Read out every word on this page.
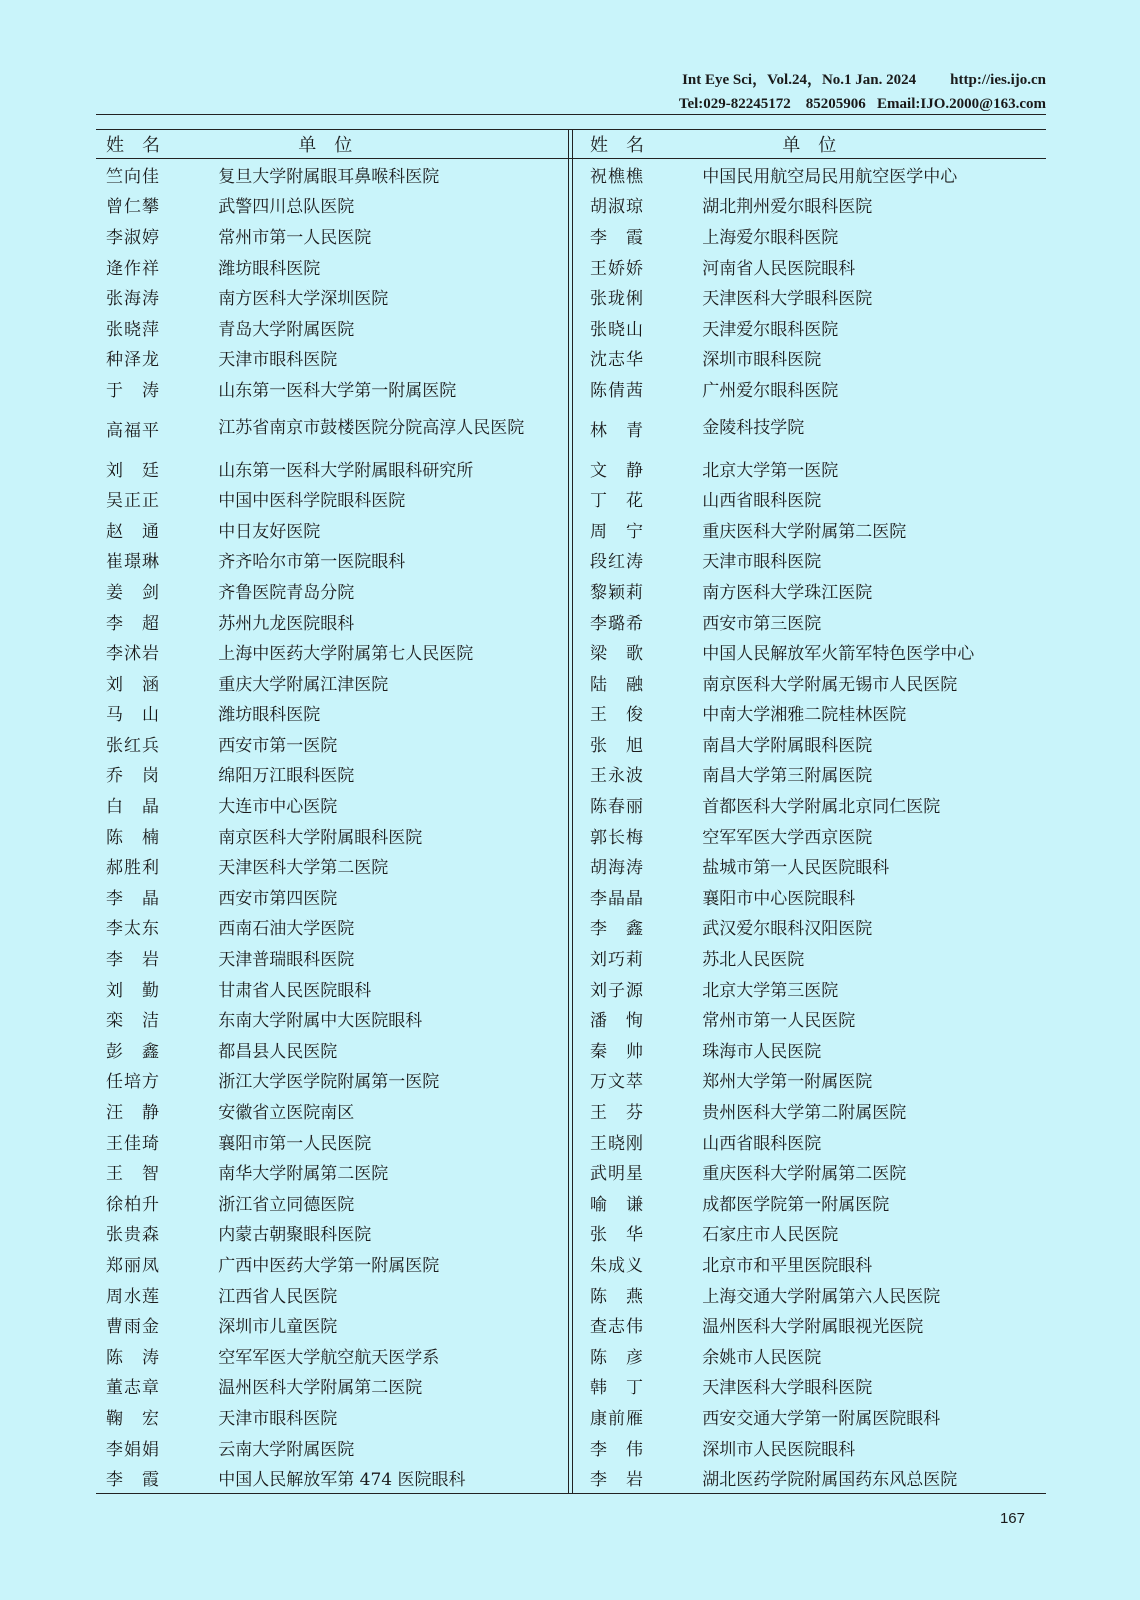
Int Eye Sci，Vol.24，No.1 Jan. 2024 http://ies.ijo.cn
Tel:029-82245172　85205906 Email:IJO.2000@163.com
姓　名	单　位		姓　名	单　位
竺向佳	复旦大学附属眼耳鼻喉科医院		祝樵樵	中国民用航空局民用航空医学中心
曾仁攀	武警四川总队医院		胡淑琼	湖北荆州爱尔眼科医院
李淑婷	常州市第一人民医院		李　霞	上海爱尔眼科医院
逄作祥	潍坊眼科医院		王娇娇	河南省人民医院眼科
张海涛	南方医科大学深圳医院		张珑俐	天津医科大学眼科医院
张晓萍	青岛大学附属医院		张晓山	天津爱尔眼科医院
种泽龙	天津市眼科医院		沈志华	深圳市眼科医院
于　涛	山东第一医科大学第一附属医院		陈倩茜	广州爱尔眼科医院
高福平	江苏省南京市鼓楼医院分院高淳人民医院		林　青	金陵科技学院
刘　廷	山东第一医科大学附属眼科研究所		文　静	北京大学第一医院
吴正正	中国中医科学院眼科医院		丁　花	山西省眼科医院
赵　通	中日友好医院		周　宁	重庆医科大学附属第二医院
崔璟琳	齐齐哈尔市第一医院眼科		段红涛	天津市眼科医院
姜　剑	齐鲁医院青岛分院		黎颖莉	南方医科大学珠江医院
李　超	苏州九龙医院眼科		李璐希	西安市第三医院
李沭岩	上海中医药大学附属第七人民医院		梁　歌	中国人民解放军火箭军特色医学中心
刘　涵	重庆大学附属江津医院		陆　融	南京医科大学附属无锡市人民医院
马　山	潍坊眼科医院		王　俊	中南大学湘雅二院桂林医院
张红兵	西安市第一医院		张　旭	南昌大学附属眼科医院
乔　岗	绵阳万江眼科医院		王永波	南昌大学第三附属医院
白　晶	大连市中心医院		陈春丽	首都医科大学附属北京同仁医院
陈　楠	南京医科大学附属眼科医院		郭长梅	空军军医大学西京医院
郝胜利	天津医科大学第二医院		胡海涛	盐城市第一人民医院眼科
李　晶	西安市第四医院		李晶晶	襄阳市中心医院眼科
李太东	西南石油大学医院		李　鑫	武汉爱尔眼科汉阳医院
李　岩	天津普瑞眼科医院		刘巧莉	苏北人民医院
刘　勤	甘肃省人民医院眼科		刘子源	北京大学第三医院
栾　洁	东南大学附属中大医院眼科		潘　恂	常州市第一人民医院
彭　鑫	都昌县人民医院		秦　帅	珠海市人民医院
任培方	浙江大学医学院附属第一医院		万文萃	郑州大学第一附属医院
汪　静	安徽省立医院南区		王　芬	贵州医科大学第二附属医院
王佳琦	襄阳市第一人民医院		王晓刚	山西省眼科医院
王　智	南华大学附属第二医院		武明星	重庆医科大学附属第二医院
徐柏升	浙江省立同德医院		喻　谦	成都医学院第一附属医院
张贵森	内蒙古朝聚眼科医院		张　华	石家庄市人民医院
郑丽凤	广西中医药大学第一附属医院		朱成义	北京市和平里医院眼科
周水莲	江西省人民医院		陈　燕	上海交通大学附属第六人民医院
曹雨金	深圳市儿童医院		查志伟	温州医科大学附属眼视光医院
陈　涛	空军军医大学航空航天医学系		陈　彦	余姚市人民医院
董志章	温州医科大学附属第二医院		韩　丁	天津医科大学眼科医院
鞠　宏	天津市眼科医院		康前雁	西安交通大学第一附属医院眼科
李娟娟	云南大学附属医院		李　伟	深圳市人民医院眼科
李　霞	中国人民解放军第 474 医院眼科		李　岩	湖北医药学院附属国药东风总医院
167
